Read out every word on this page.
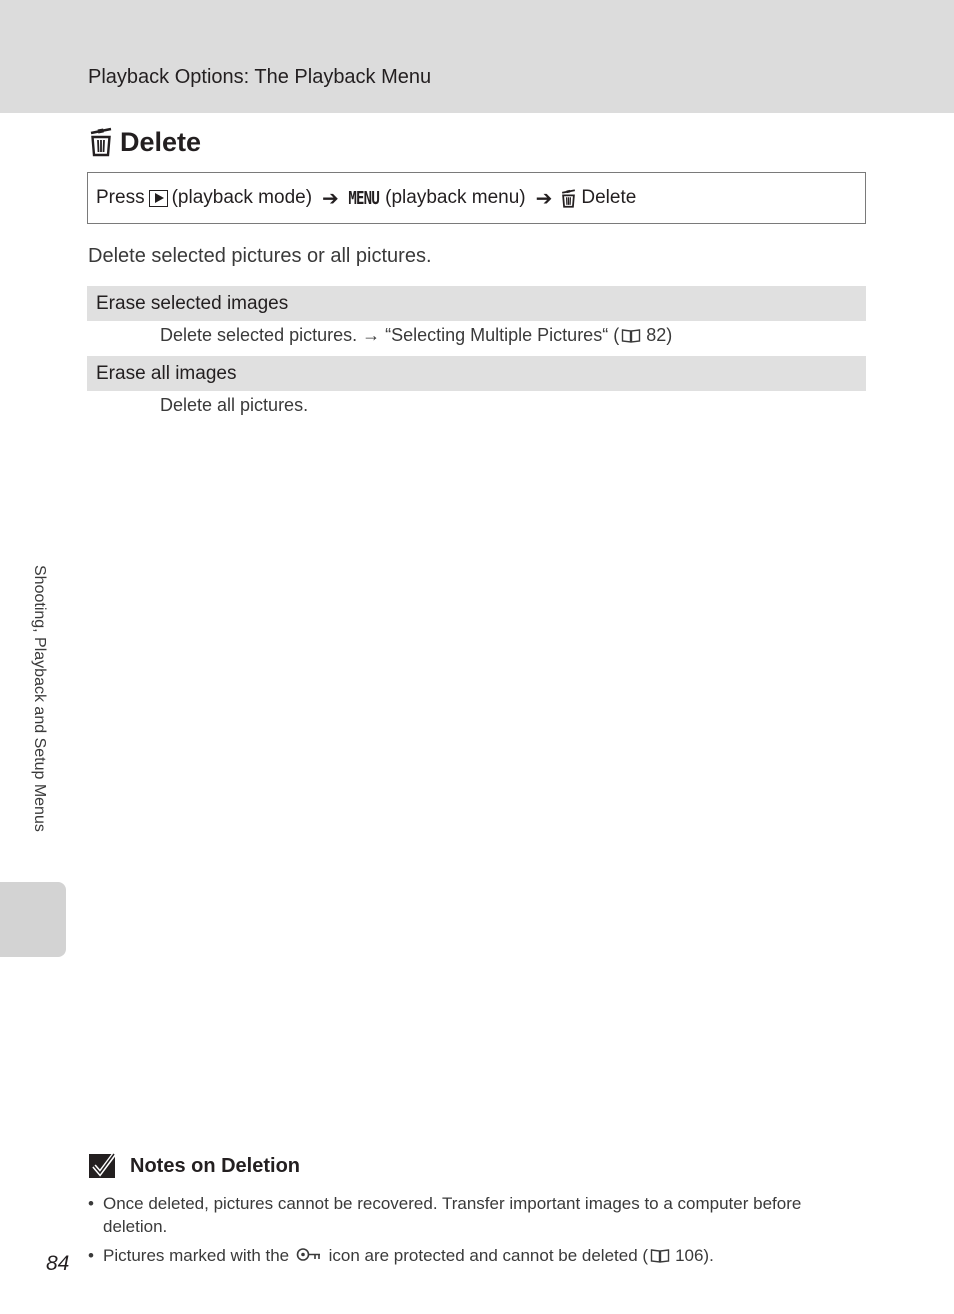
Playback Options: The Playback Menu
Delete
Press (playback mode) ➔ MENU (playback menu) ➔ Delete
Delete selected pictures or all pictures.
Erase selected images
Delete selected pictures. → “Selecting Multiple Pictures“ ( 82)
Erase all images
Delete all pictures.
Shooting, Playback and Setup Menus
Notes on Deletion
• Once deleted, pictures cannot be recovered. Transfer important images to a computer before deletion.
• Pictures marked with the icon are protected and cannot be deleted ( 106).
84
